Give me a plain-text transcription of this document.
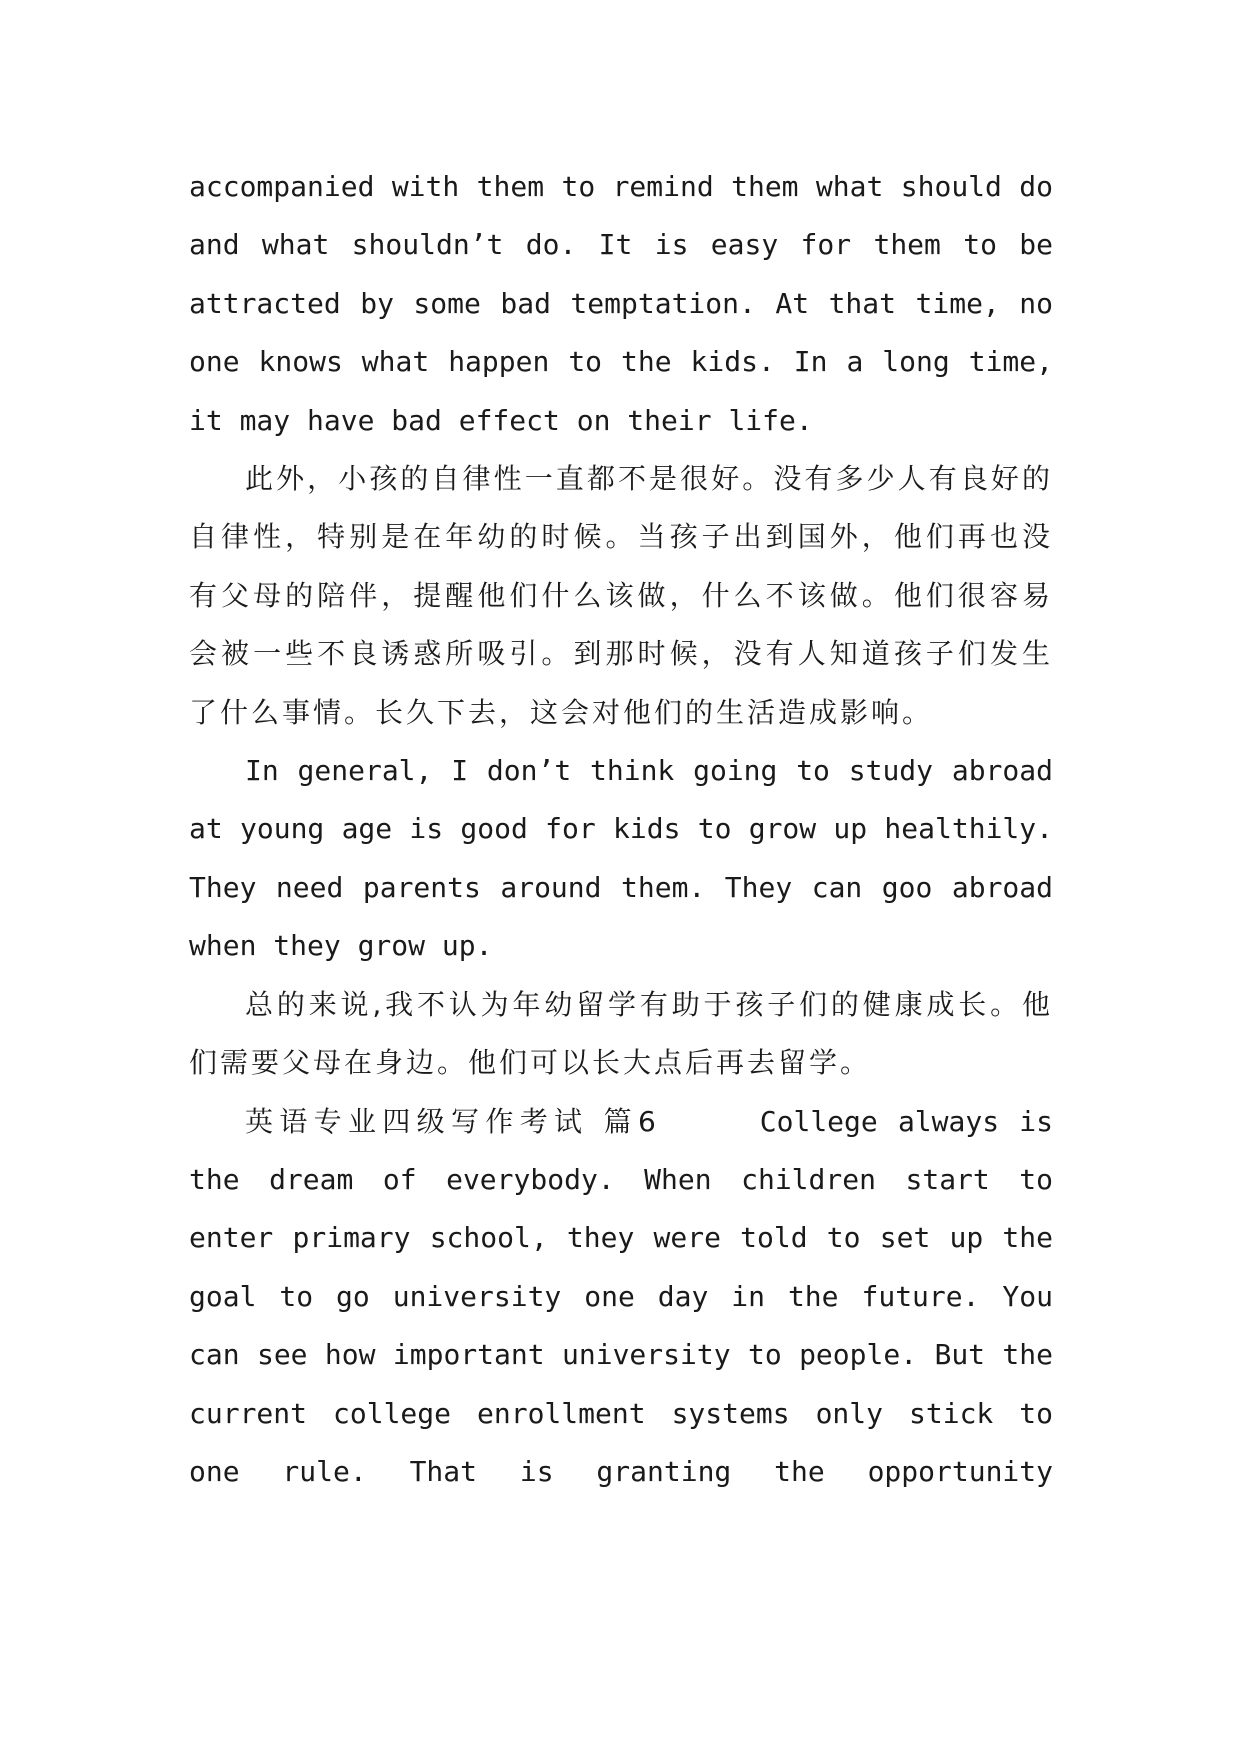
accompanied with them to remind them what should do and what shouldn’t do. It is easy for them to be attracted by some bad temptation. At that time, no one knows what happen to the kids. In a long time, it may have bad effect on their life.

此外，小孩的自律性一直都不是很好。没有多少人有良好的自律性，特别是在年幼的时候。当孩子出到国外，他们再也没有父母的陪伴，提醒他们什么该做，什么不该做。他们很容易会被一些不良诱惑所吸引。到那时候，没有人知道孩子们发生了什么事情。长久下去，这会对他们的生活造成影响。

In general, I don’t think going to study abroad at young age is good for kids to grow up healthily. They need parents around them. They can goo abroad when they grow up.

总的来说,我不认为年幼留学有助于孩子们的健康成长。他们需要父母在身边。他们可以长大点后再去留学。

英语专业四级写作考试 篇6	College always is the dream of everybody. When children start to enter primary school, they were told to set up the goal to go university one day in the future. You can see how important university to people. But the current college enrollment systems only stick to one rule. That is granting the opportunity
